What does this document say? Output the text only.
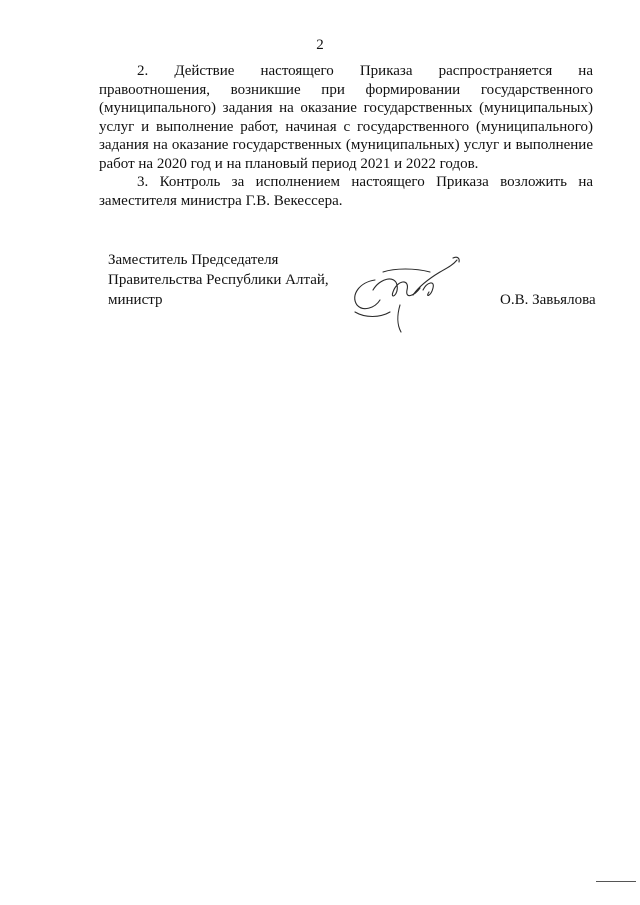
2

2.     Действие     настоящего     Приказа     распространяется     на
правоотношения,   возникшие   при   формировании   государственного
(муниципального) задания на оказание государственных (муниципальных)
услуг и выполнение работ, начиная с государственного (муниципального)
задания на оказание государственных (муниципальных) услуг и выполнение
работ на 2020 год и на плановый период 2021 и 2022 годов.

3. Контроль за исполнением настоящего Приказа возложить на
заместителя министра Г.В. Векессера.

Заместитель Председателя
Правительства Республики Алтай,
министр	О.В. Завьялова
